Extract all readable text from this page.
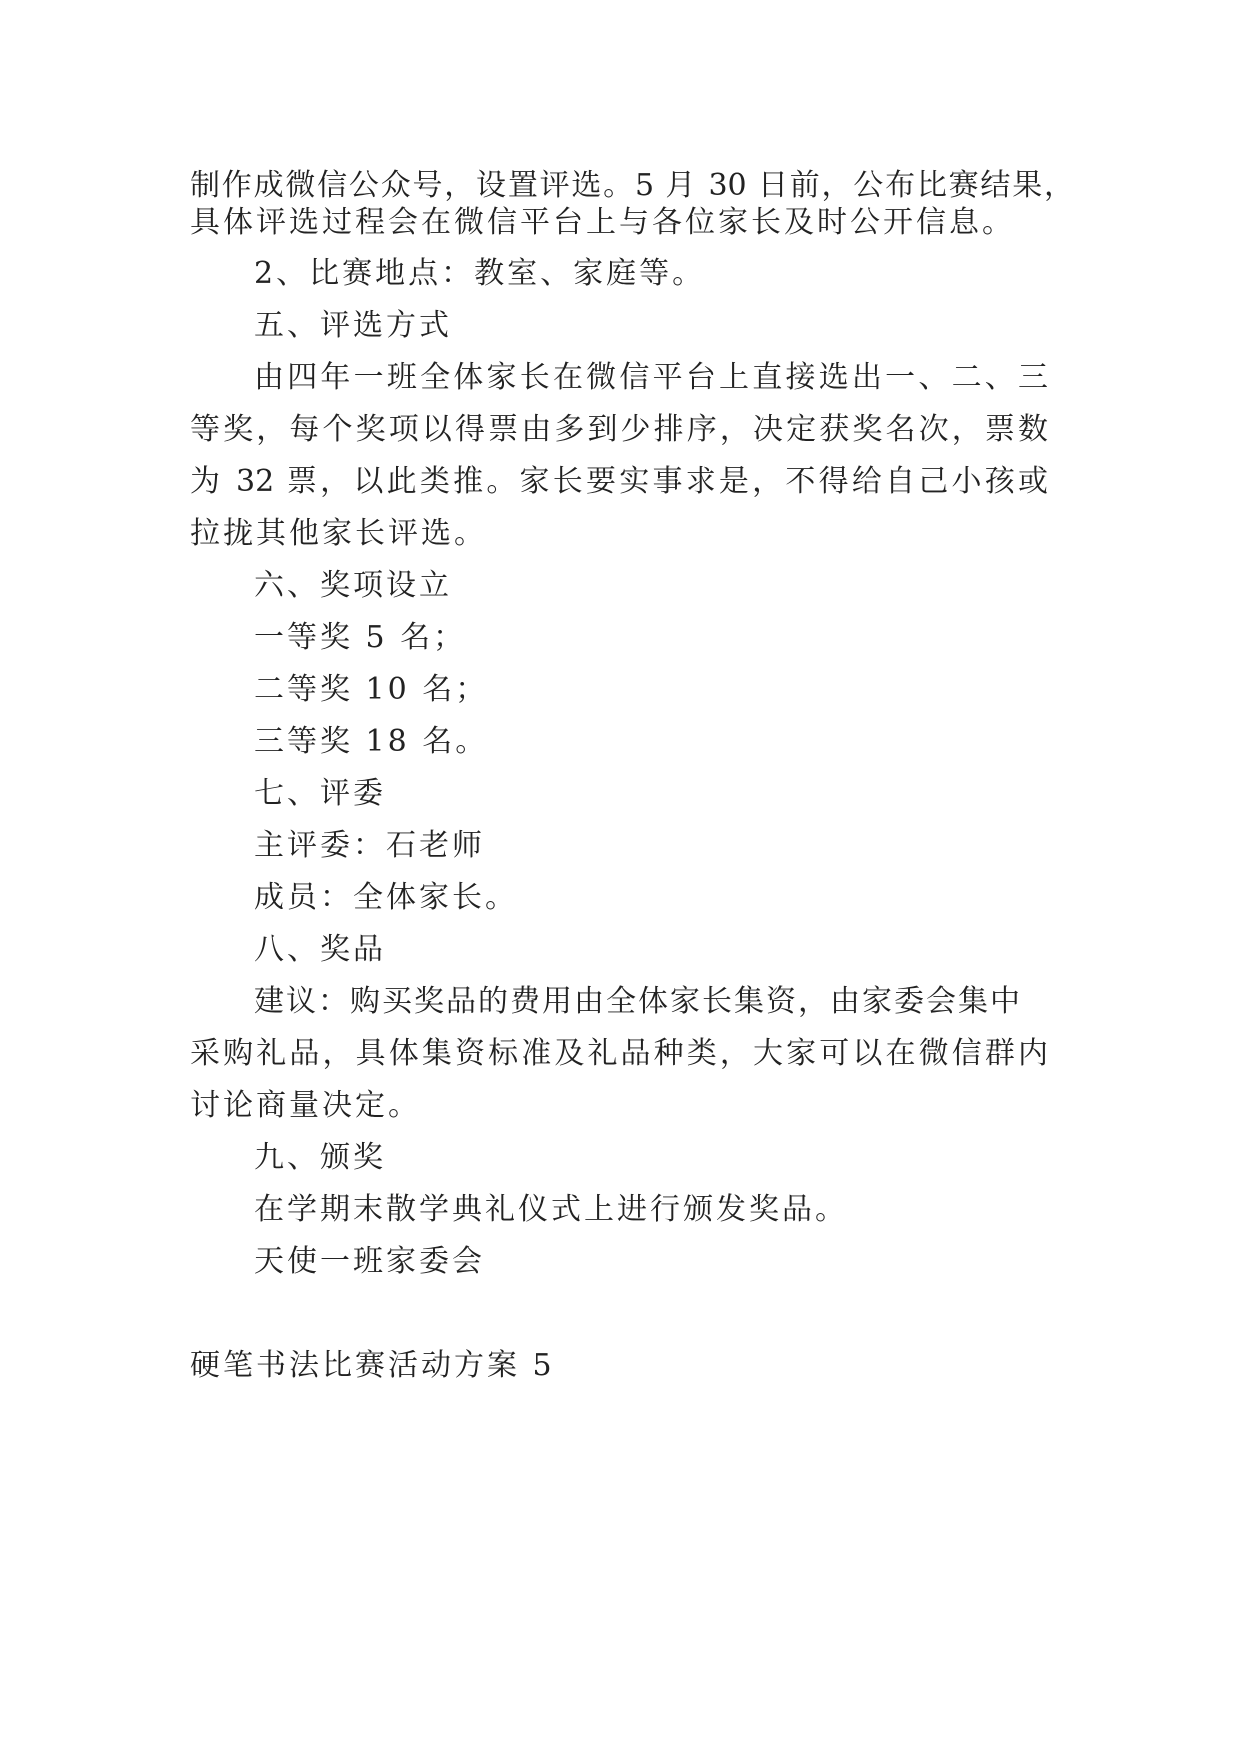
制作成微信公众号，设置评选。5 月 30 日前，公布比赛结果，
具体评选过程会在微信平台上与各位家长及时公开信息。
2、比赛地点：教室、家庭等。
五、评选方式
由四年一班全体家长在微信平台上直接选出一、二、三
等奖，每个奖项以得票由多到少排序，决定获奖名次，票数
为 32 票，以此类推。家长要实事求是，不得给自己小孩或
拉拢其他家长评选。
六、奖项设立
一等奖 5 名；
二等奖 10 名；
三等奖 18 名。
七、评委
主评委：石老师
成员：全体家长。
八、奖品
建议：购买奖品的费用由全体家长集资，由家委会集中
采购礼品，具体集资标准及礼品种类，大家可以在微信群内
讨论商量决定。
九、颁奖
在学期末散学典礼仪式上进行颁发奖品。
天使一班家委会
硬笔书法比赛活动方案 5
